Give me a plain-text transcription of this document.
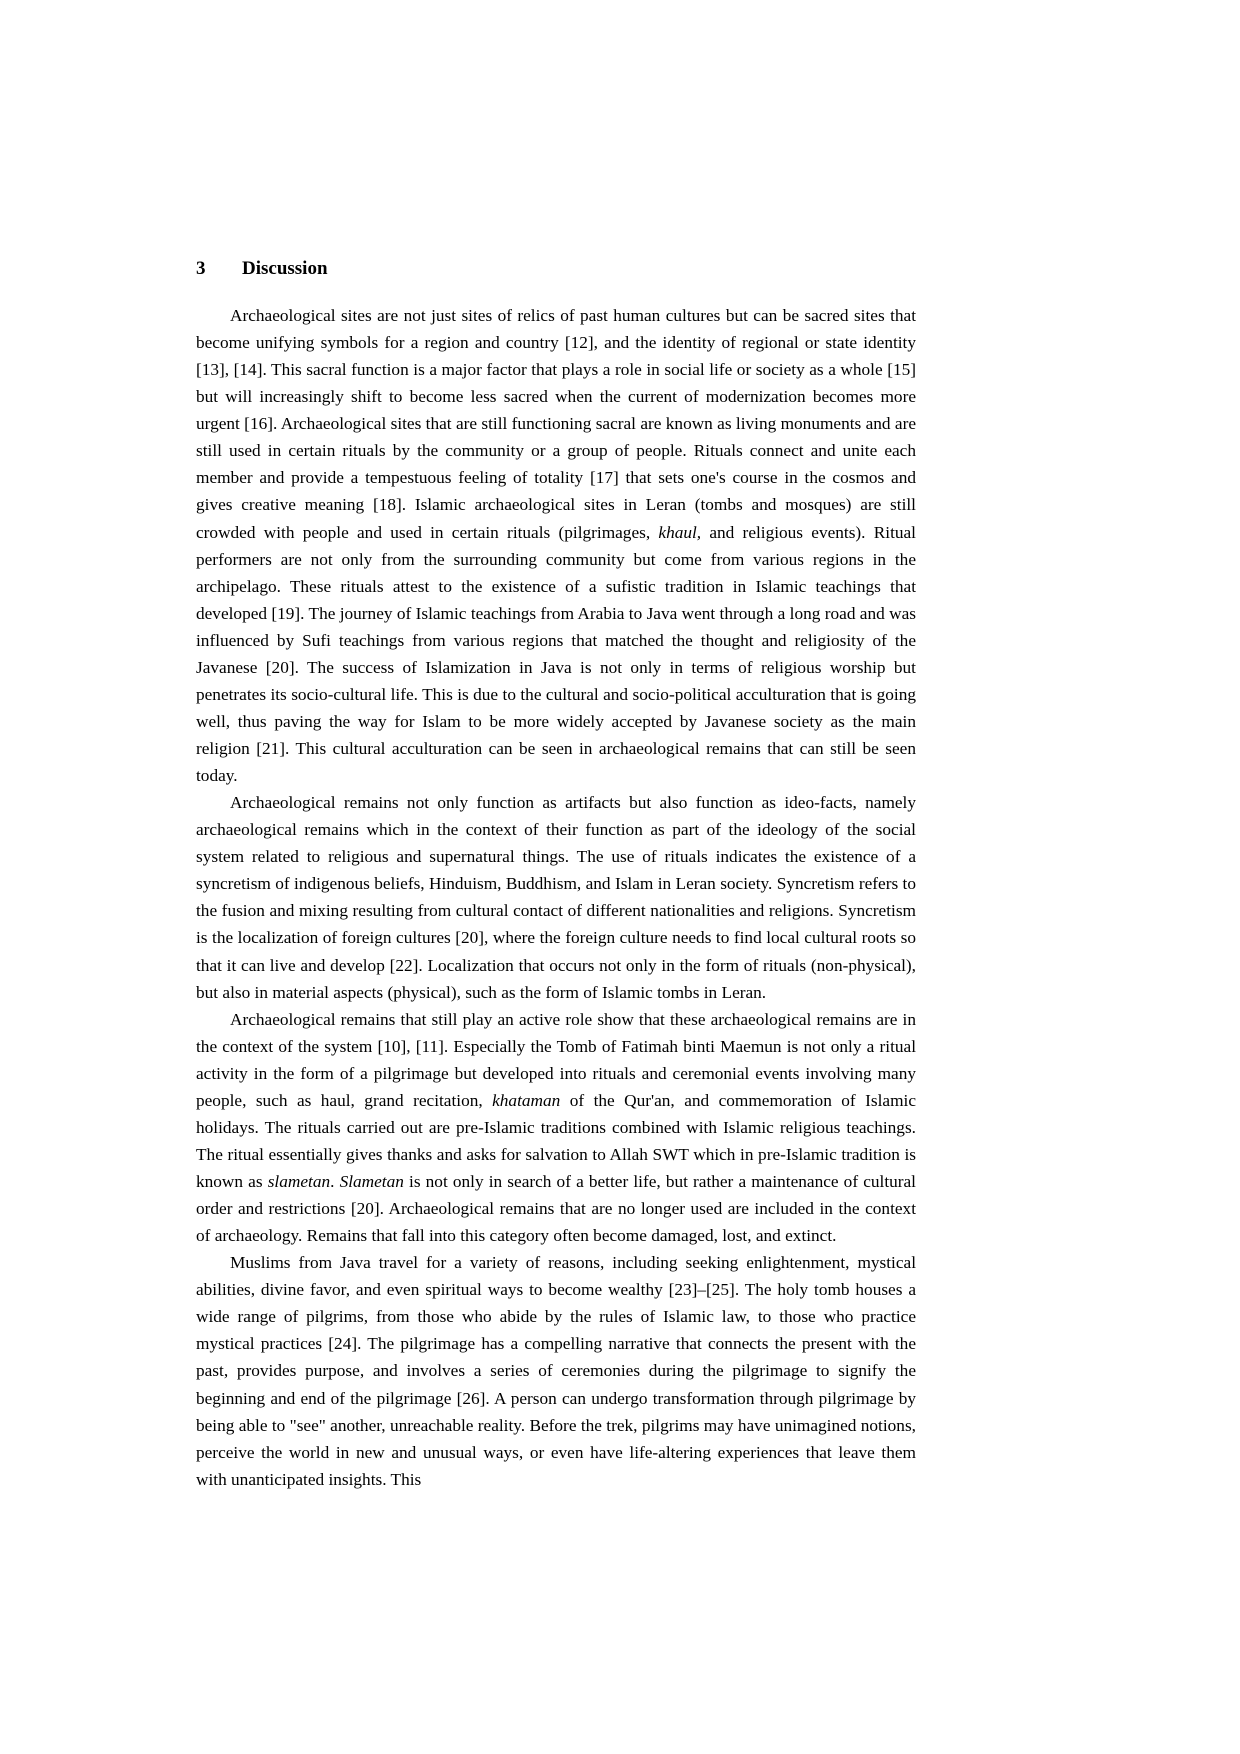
3	Discussion

Archaeological sites are not just sites of relics of past human cultures but can be sacred sites that become unifying symbols for a region and country [12], and the identity of regional or state identity [13], [14]. This sacral function is a major factor that plays a role in social life or society as a whole [15] but will increasingly shift to become less sacred when the current of modernization becomes more urgent [16]. Archaeological sites that are still functioning sacral are known as living monuments and are still used in certain rituals by the community or a group of people. Rituals connect and unite each member and provide a tempestuous feeling of totality [17] that sets one's course in the cosmos and gives creative meaning [18]. Islamic archaeological sites in Leran (tombs and mosques) are still crowded with people and used in certain rituals (pilgrimages, khaul, and religious events). Ritual performers are not only from the surrounding community but come from various regions in the archipelago. These rituals attest to the existence of a sufistic tradition in Islamic teachings that developed [19]. The journey of Islamic teachings from Arabia to Java went through a long road and was influenced by Sufi teachings from various regions that matched the thought and religiosity of the Javanese [20]. The success of Islamization in Java is not only in terms of religious worship but penetrates its socio-cultural life. This is due to the cultural and socio-political acculturation that is going well, thus paving the way for Islam to be more widely accepted by Javanese society as the main religion [21]. This cultural acculturation can be seen in archaeological remains that can still be seen today.

Archaeological remains not only function as artifacts but also function as ideo-facts, namely archaeological remains which in the context of their function as part of the ideology of the social system related to religious and supernatural things. The use of rituals indicates the existence of a syncretism of indigenous beliefs, Hinduism, Buddhism, and Islam in Leran society. Syncretism refers to the fusion and mixing resulting from cultural contact of different nationalities and religions. Syncretism is the localization of foreign cultures [20], where the foreign culture needs to find local cultural roots so that it can live and develop [22]. Localization that occurs not only in the form of rituals (non-physical), but also in material aspects (physical), such as the form of Islamic tombs in Leran.

Archaeological remains that still play an active role show that these archaeological remains are in the context of the system [10], [11]. Especially the Tomb of Fatimah binti Maemun is not only a ritual activity in the form of a pilgrimage but developed into rituals and ceremonial events involving many people, such as haul, grand recitation, khataman of the Qur'an, and commemoration of Islamic holidays. The rituals carried out are pre-Islamic traditions combined with Islamic religious teachings. The ritual essentially gives thanks and asks for salvation to Allah SWT which in pre-Islamic tradition is known as slametan. Slametan is not only in search of a better life, but rather a maintenance of cultural order and restrictions [20]. Archaeological remains that are no longer used are included in the context of archaeology. Remains that fall into this category often become damaged, lost, and extinct.

Muslims from Java travel for a variety of reasons, including seeking enlightenment, mystical abilities, divine favor, and even spiritual ways to become wealthy [23]–[25]. The holy tomb houses a wide range of pilgrims, from those who abide by the rules of Islamic law, to those who practice mystical practices [24]. The pilgrimage has a compelling narrative that connects the present with the past, provides purpose, and involves a series of ceremonies during the pilgrimage to signify the beginning and end of the pilgrimage [26]. A person can undergo transformation through pilgrimage by being able to "see" another, unreachable reality. Before the trek, pilgrims may have unimagined notions, perceive the world in new and unusual ways, or even have life-altering experiences that leave them with unanticipated insights. This
